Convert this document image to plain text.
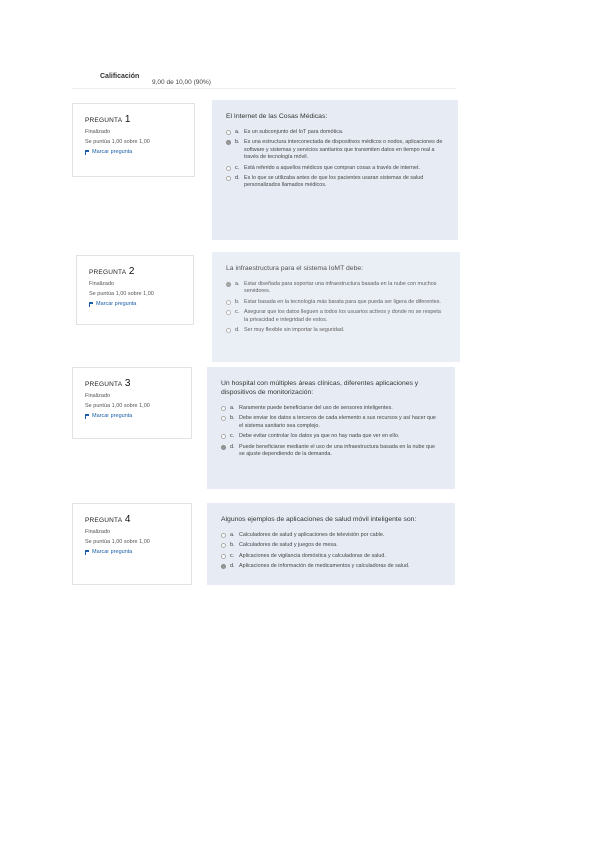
Calificación
9,00 de 10,00 (90%)
PREGUNTA 1
Finalizado
Se puntúa 1,00 sobre 1,00
Marcar pregunta
El Internet de las Cosas Médicas:
a. Es un subconjunto del IoT para domótica.
b. Es una estructura interconectada de dispositivos médicos o nodos, aplicaciones de software y sistemas y servicios sanitarios que transmiten datos en tiempo real a través de tecnología móvil.
c. Está referido a aquellos médicos que compran cosas a través de internet.
d. Es lo que se utilizaba antes de que los pacientes usaran sistemas de salud personalizados llamados médicos.
PREGUNTA 2
Finalizado
Se puntúa 1,00 sobre 1,00
Marcar pregunta
La infraestructura para el sistema IoMT debe:
a. Estar diseñada para soportar una infraestructura basada en la nube con muchos servidores.
b. Estar basada en la tecnología más barata para que pueda ser ligera de diferentes.
c. Asegurar que los datos lleguen a todos los usuarios activos y donde no se respeta la privacidad e integridad de estos.
d. Ser muy flexible sin importar la seguridad.
PREGUNTA 3
Finalizado
Se puntúa 1,00 sobre 1,00
Marcar pregunta
Un hospital con múltiples áreas clínicas, diferentes aplicaciones y dispositivos de monitorización:
a. Raramente puede beneficiarse del uso de sensores inteligentes.
b. Debe enviar los datos a terceros de cada elemento a sus recursos y así hacer que el sistema sanitario sea complejo.
c. Debe evitar controlar los datos ya que no hay nada que ver en ello.
d. Puede beneficiarse mediante el uso de una infraestructura basada en la nube que se ajuste dependiendo de la demanda.
PREGUNTA 4
Finalizado
Se puntúa 1,00 sobre 1,00
Marcar pregunta
Algunos ejemplos de aplicaciones de salud móvil inteligente son:
a. Calculadores de salud y aplicaciones de televisión por cable.
b. Calculadores de salud y juegos de mesa.
c. Aplicaciones de vigilancia domóstica y calculadoras de salud.
d. Aplicaciones de información de medicamentos y calculadoras de salud.
